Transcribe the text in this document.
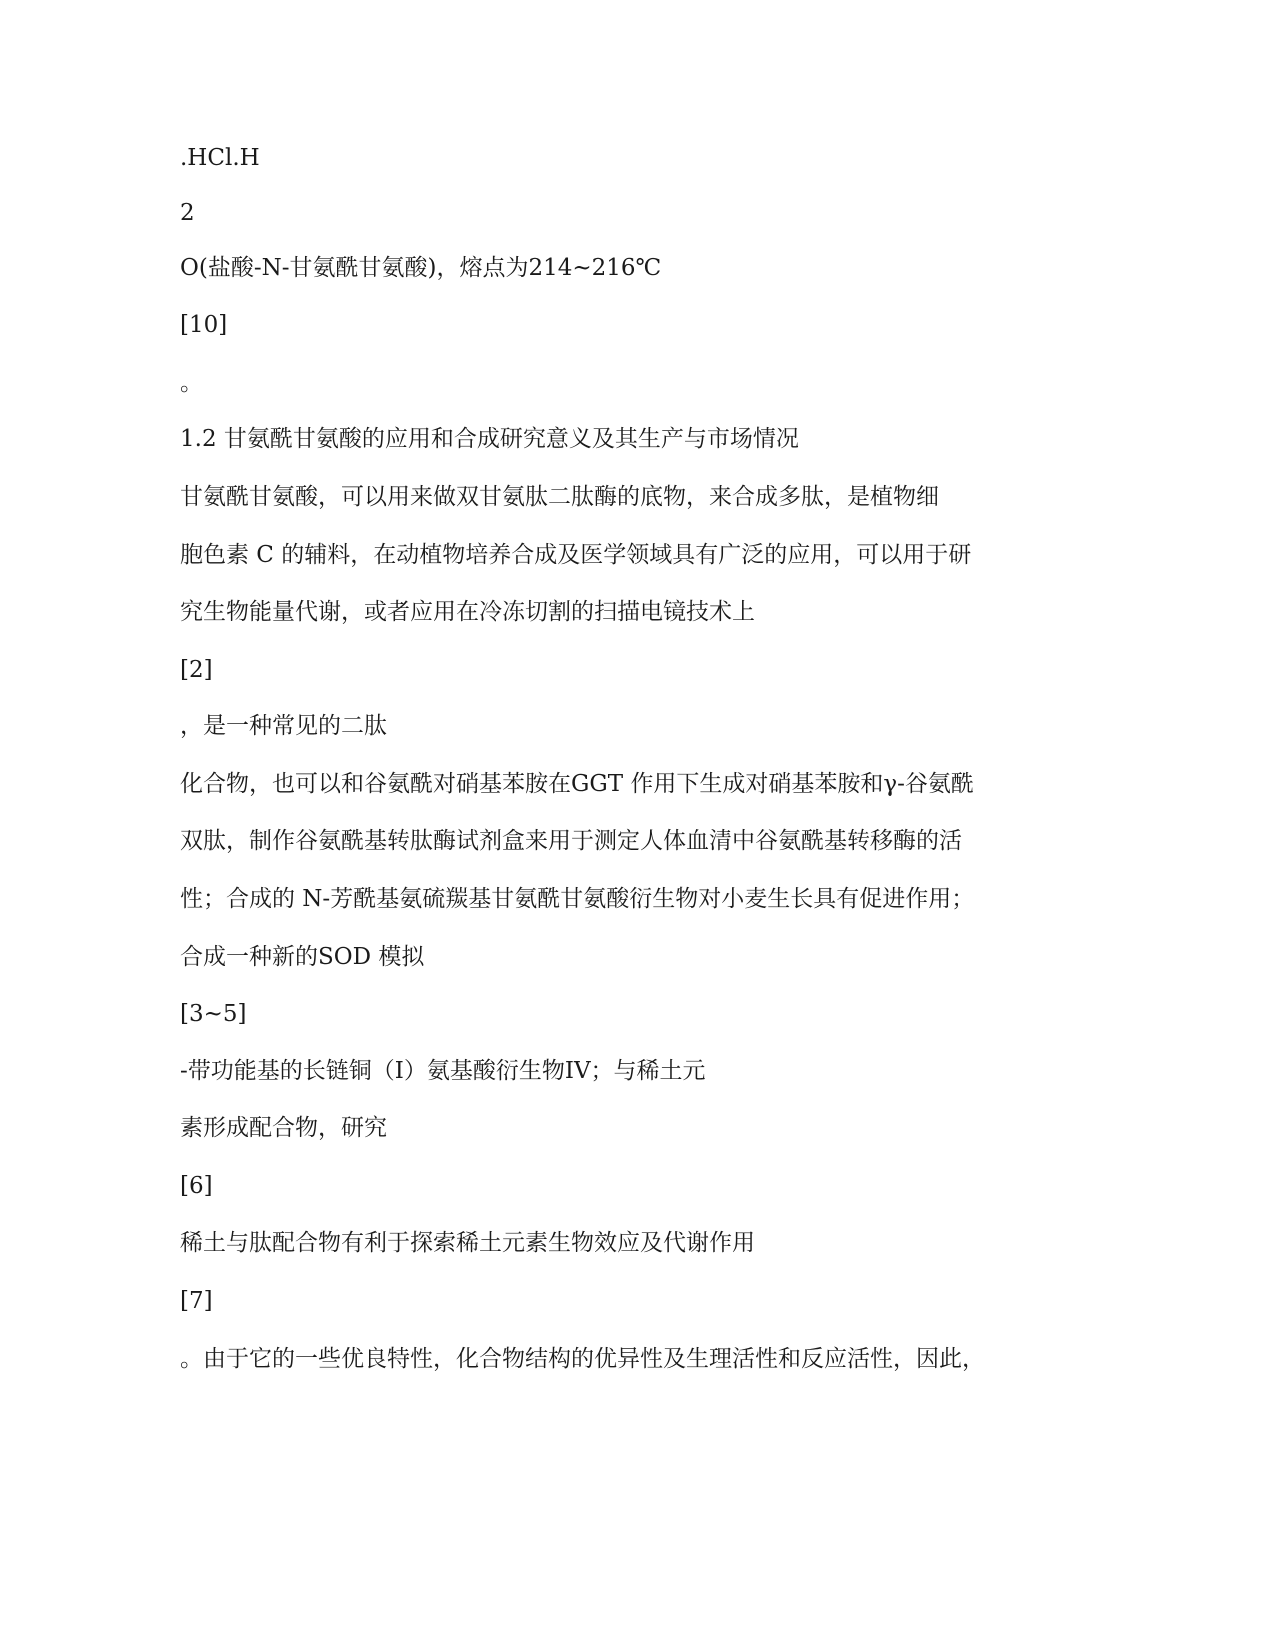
.HCl.H
2
O(盐酸-N-甘氨酰甘氨酸)，熔点为214~216℃
[10]
。
1.2 甘氨酰甘氨酸的应用和合成研究意义及其生产与市场情况
甘氨酰甘氨酸，可以用来做双甘氨肽二肽酶的底物，来合成多肽，是植物细
胞色素 C 的辅料，在动植物培养合成及医学领域具有广泛的应用，可以用于研
究生物能量代谢，或者应用在冷冻切割的扫描电镜技术上
[2]
，是一种常见的二肽
化合物，也可以和谷氨酰对硝基苯胺在GGT 作用下生成对硝基苯胺和γ-谷氨酰
双肽，制作谷氨酰基转肽酶试剂盒来用于测定人体血清中谷氨酰基转移酶的活
性；合成的 N-芳酰基氨硫羰基甘氨酰甘氨酸衍生物对小麦生长具有促进作用；
合成一种新的SOD 模拟
[3~5]
-带功能基的长链铜（I）氨基酸衍生物IV；与稀土元
素形成配合物，研究
[6]
稀土与肽配合物有利于探索稀土元素生物效应及代谢作用
[7]
。由于它的一些优良特性，化合物结构的优异性及生理活性和反应活性，因此，
